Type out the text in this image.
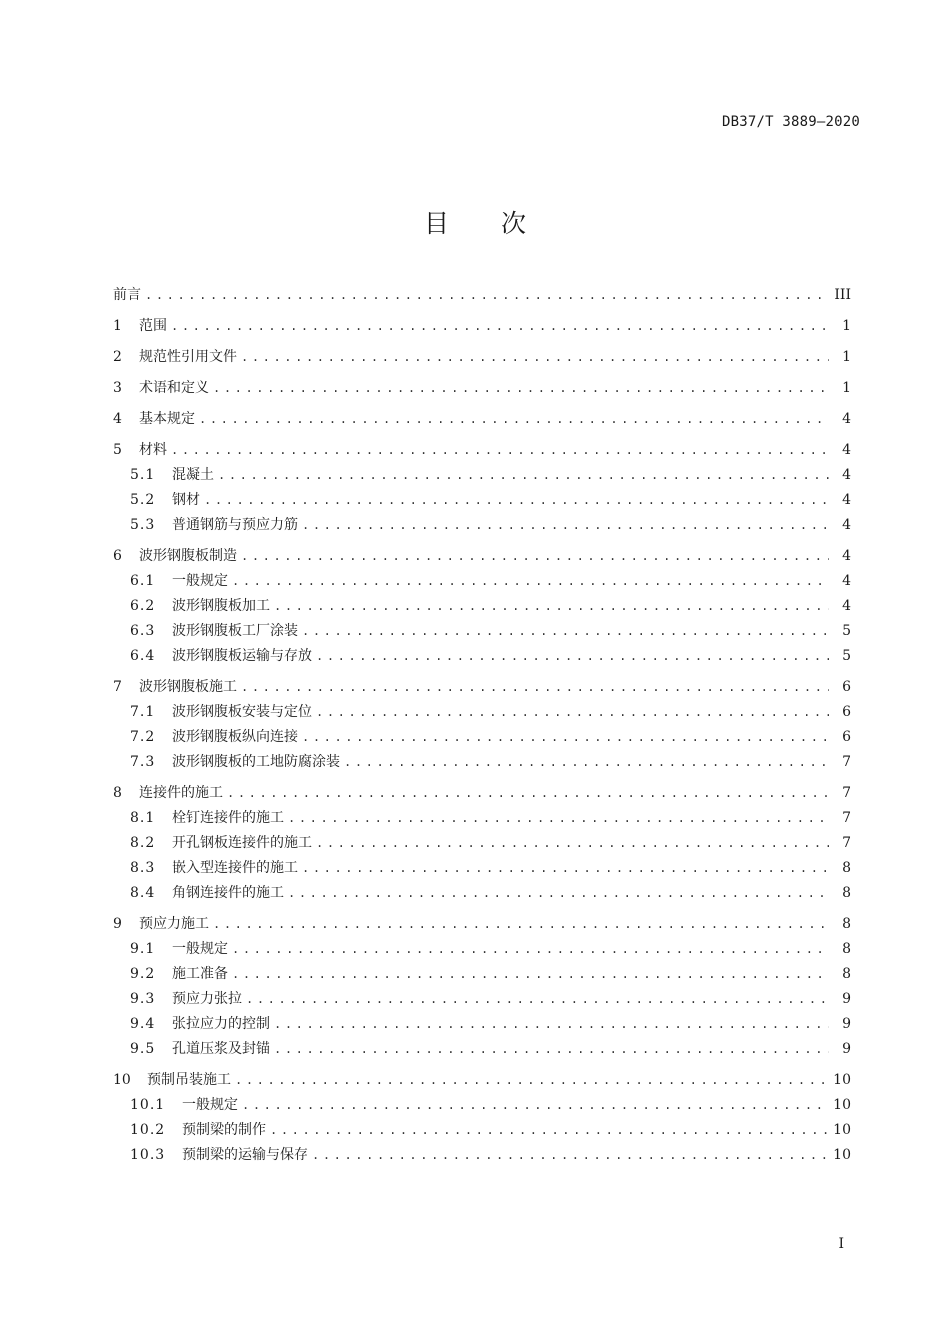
DB37/T 3889—2020
目 次
前言 .....	III
1	范围 .....	1
2	规范性引用文件 .....	1
3	术语和定义 .....	1
4	基本规定 .....	4
5	材料 .....	4
5.1	混凝土 .....	4
5.2	钢材 .....	4
5.3	普通钢筋与预应力筋 .....	4
6	波形钢腹板制造 .....	4
6.1	一般规定 .....	4
6.2	波形钢腹板加工 .....	4
6.3	波形钢腹板工厂涂装 .....	5
6.4	波形钢腹板运输与存放 .....	5
7	波形钢腹板施工 .....	6
7.1	波形钢腹板安装与定位 .....	6
7.2	波形钢腹板纵向连接 .....	6
7.3	波形钢腹板的工地防腐涂装 .....	7
8	连接件的施工 .....	7
8.1	栓钉连接件的施工 .....	7
8.2	开孔钢板连接件的施工 .....	7
8.3	嵌入型连接件的施工 .....	8
8.4	角钢连接件的施工 .....	8
9	预应力施工 .....	8
9.1	一般规定 .....	8
9.2	施工准备 .....	8
9.3	预应力张拉 .....	9
9.4	张拉应力的控制 .....	9
9.5	孔道压浆及封锚 .....	9
10	预制吊装施工 .....	10
10.1	一般规定 .....	10
10.2	预制梁的制作 .....	10
10.3	预制梁的运输与保存 .....	10
I
